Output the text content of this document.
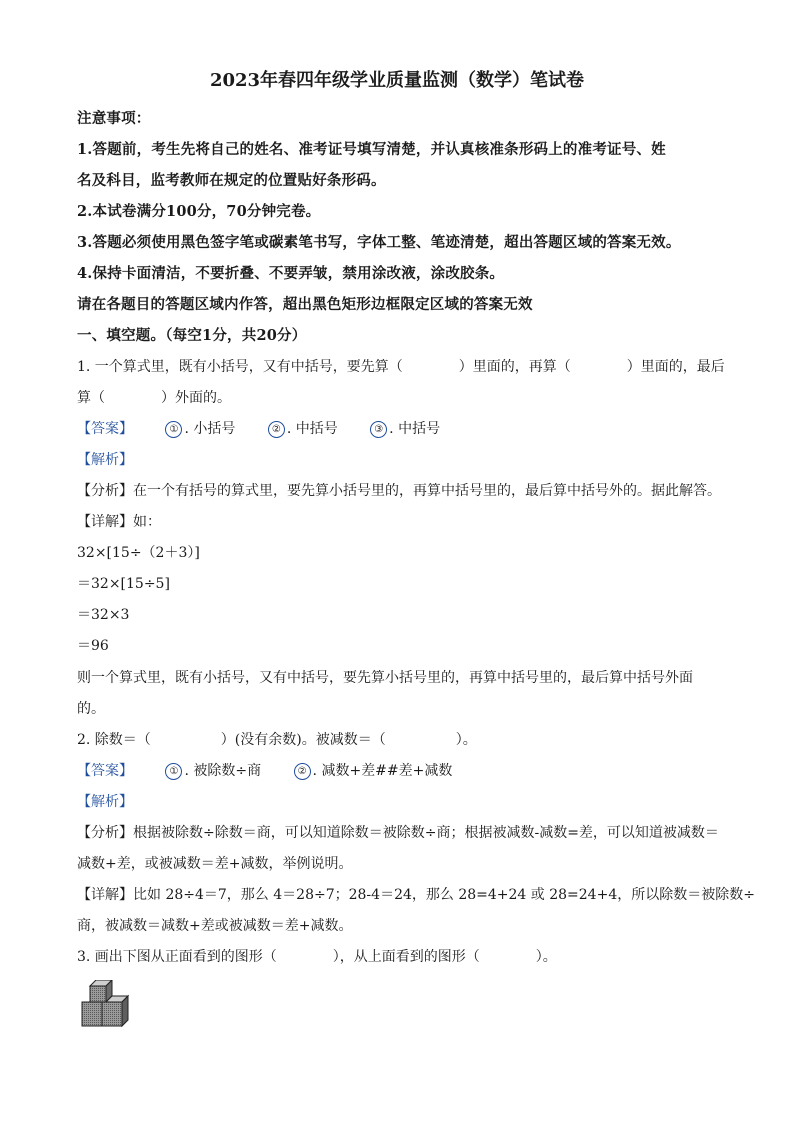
2023年春四年级学业质量监测（数学）笔试卷
注意事项：
1.答题前，考生先将自己的姓名、准考证号填写清楚，并认真核准条形码上的准考证号、姓
名及科目，监考教师在规定的位置贴好条形码。
2.本试卷满分100分，70分钟完卷。
3.答题必须使用黑色签字笔或碳素笔书写，字体工整、笔迹清楚，超出答题区域的答案无效。
4.保持卡面清洁，不要折叠、不要弄皱，禁用涂改液，涂改胶条。
请在各题目的答题区域内作答，超出黑色矩形边框限定区域的答案无效
一、填空题。（每空1分，共20分）
1. 一个算式里，既有小括号，又有中括号，要先算（　　　　）里面的，再算（　　　　）里面的，最后
算（　　　　）外面的。
【答案】	① . 小括号	② . 中括号	③ . 中括号
【解析】
【分析】在一个有括号的算式里，要先算小括号里的，再算中括号里的，最后算中括号外的。据此解答。
【详解】如：
32×[15÷（2＋3）]
＝32×[15÷5]
＝32×3
＝96
则一个算式里，既有小括号，又有中括号，要先算小括号里的，再算中括号里的，最后算中括号外面
的。
2. 除数＝（　　　　　）(没有余数)。被减数＝（　　　　　）。
【答案】	① . 被除数÷商	② . 减数+差##差+减数
【解析】
【分析】根据被除数÷除数＝商，可以知道除数＝被除数÷商；根据被减数-减数=差，可以知道被减数＝
减数+差，或被减数＝差+减数，举例说明。
【详解】比如 28÷4＝7，那么 4＝28÷7；28-4＝24，那么 28=4+24 或 28=24+4，所以除数＝被除数÷
商，被减数＝减数+差或被减数＝差+减数。
3. 画出下图从正面看到的图形（　　　　），从上面看到的图形（　　　　）。
